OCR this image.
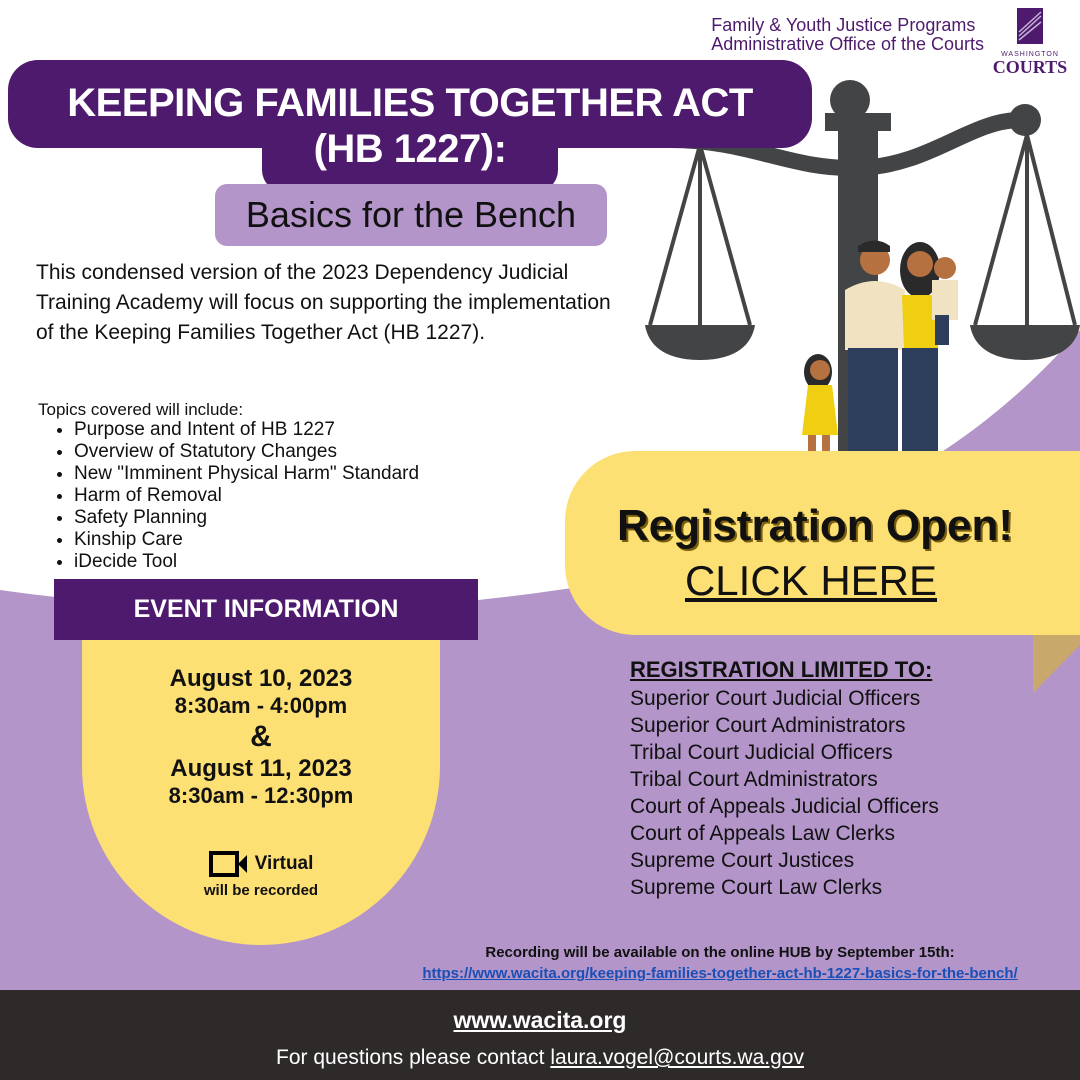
Family & Youth Justice Programs
Administrative Office of the Courts
WASHINGTON
COURTS
KEEPING FAMILIES TOGETHER ACT
(HB 1227):
Basics for the Bench
This condensed version of the 2023 Dependency Judicial Training Academy will focus on supporting the implementation of the Keeping Families Together Act (HB 1227).
Topics covered will include:
• Purpose and Intent of HB 1227
• Overview of Statutory Changes
• New "Imminent Physical Harm" Standard
• Harm of Removal
• Safety Planning
• Kinship Care
• iDecide Tool
EVENT INFORMATION
August 10, 2023
8:30am - 4:00pm
&
August 11, 2023
8:30am - 12:30pm
Virtual
will be recorded
Registration Open!
CLICK HERE
REGISTRATION LIMITED TO:
Superior Court Judicial Officers
Superior Court Administrators
Tribal Court Judicial Officers
Tribal Court Administrators
Court of Appeals Judicial Officers
Court of Appeals Law Clerks
Supreme Court Justices
Supreme Court Law Clerks
Recording will be available on the online HUB by September 15th:
https://www.wacita.org/keeping-families-together-act-hb-1227-basics-for-the-bench/
www.wacita.org
For questions please contact laura.vogel@courts.wa.gov
